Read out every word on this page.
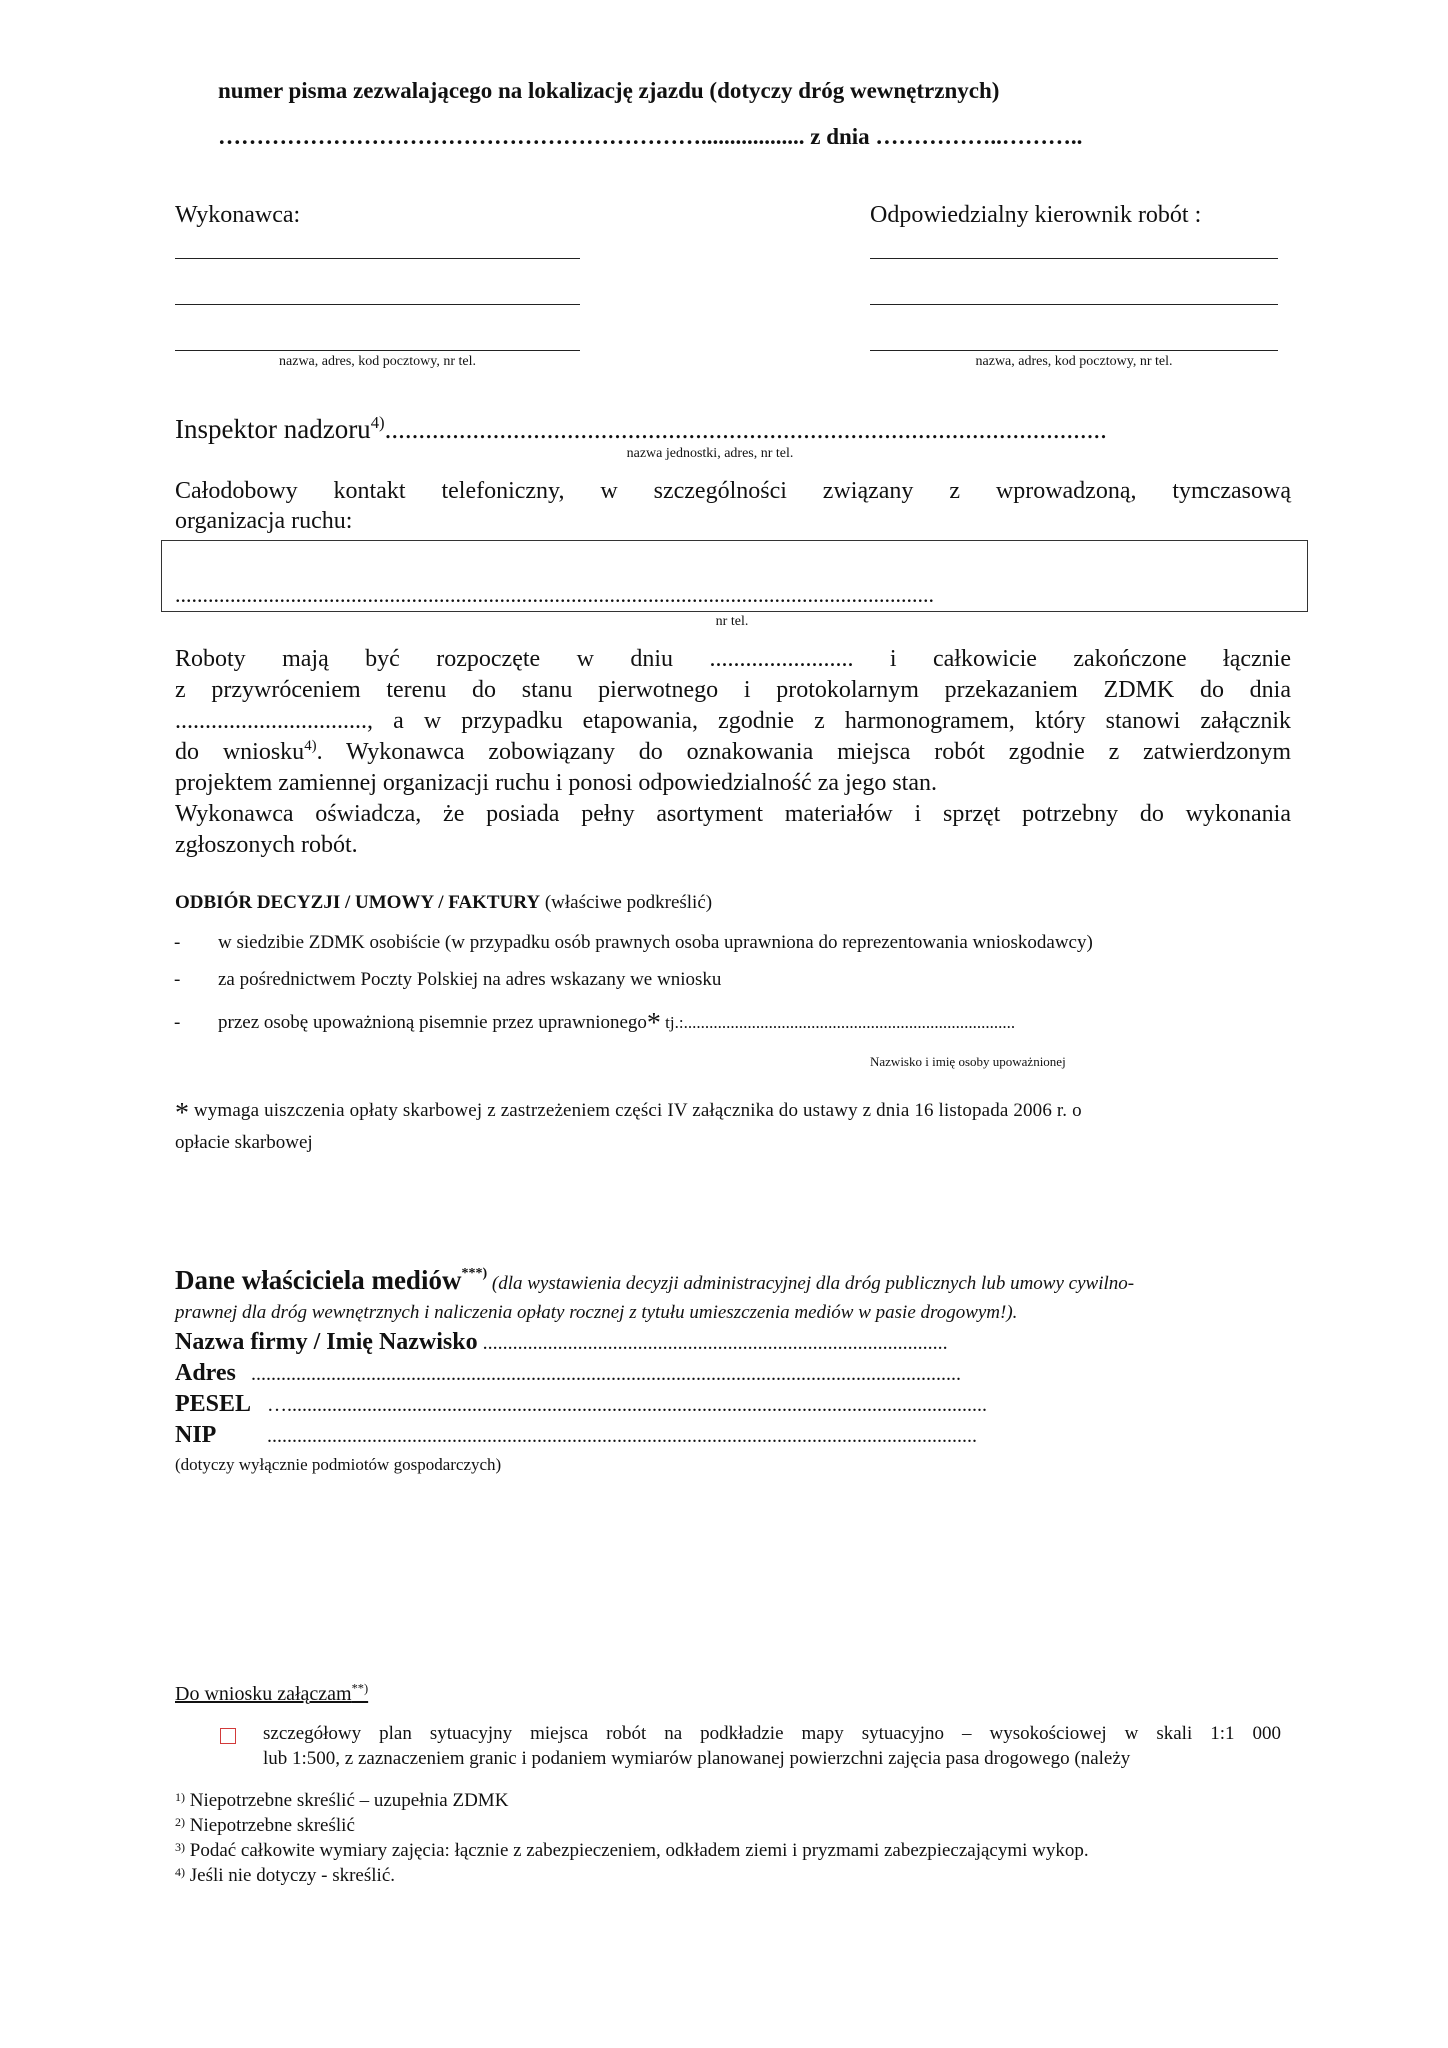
numer pisma zezwalającego na lokalizację zjazdu (dotyczy dróg wewnętrznych)
……………………………………………………….................. z dnia ……………..………..
Wykonawca:
nazwa, adres, kod pocztowy, nr tel.
Odpowiedzialny kierownik robót :
nazwa, adres, kod pocztowy, nr tel.
Inspektor nadzoru$^{4)}$...........................................................................................................
nazwa jednostki, adres, nr tel.
Całodobowy kontakt telefoniczny, w szczególności związany z wprowadzoną, tymczasową
organizacja ruchu:
..........................................................................................................................................
nr tel.
Roboty mają być rozpoczęte w dniu ........................ i całkowicie zakończone łącznie
z przywróceniem terenu do stanu pierwotnego i protokolarnym przekazaniem ZDMK do dnia
................................, a w przypadku etapowania, zgodnie z harmonogramem, który stanowi załącznik
do wniosku$^{4)}$. Wykonawca zobowiązany do oznakowania miejsca robót zgodnie z zatwierdzonym
projektem zamiennej organizacji ruchu i ponosi odpowiedzialność za jego stan.
Wykonawca oświadcza, że posiada pełny asortyment materiałów i sprzęt potrzebny do wykonania
zgłoszonych robót.
ODBIÓR DECYZJI / UMOWY / FAKTURY (właściwe podkreślić)
- w siedzibie ZDMK osobiście (w przypadku osób prawnych osoba uprawniona do reprezentowania wnioskodawcy)
- za pośrednictwem Poczty Polskiej na adres wskazany we wniosku
- przez osobę upoważnioną pisemnie przez uprawnionego* tj.:..............................................................................
Nazwisko i imię osoby upoważnionej
* wymaga uiszczenia opłaty skarbowej z zastrzeżeniem części IV załącznika do ustawy z dnia 16 listopada 2006 r. o
opłacie skarbowej
Dane właściciela mediów***) (dla wystawienia decyzji administracyjnej dla dróg publicznych lub umowy cywilno-
prawnej dla dróg wewnętrznych i naliczenia opłaty rocznej z tytułu umieszczenia mediów w pasie drogowym!).
Nazwa firmy / Imię Nazwisko .............................................................................................
Adres ..............................................................................................................................................
PESEL …............................................................................................................................................
NIP	..............................................................................................................................................
(dotyczy wyłącznie podmiotów gospodarczych)
Do wniosku załączam**)
szczegółowy plan sytuacyjny miejsca robót na podkładzie mapy sytuacyjno – wysokościowej w skali 1:1 000
lub 1:500, z zaznaczeniem granic i podaniem wymiarów planowanej powierzchni zajęcia pasa drogowego (należy
$^{1)}$ Niepotrzebne skreślić – uzupełnia ZDMK
$^{2)}$ Niepotrzebne skreślić
$^{3)}$ Podać całkowite wymiary zajęcia: łącznie z zabezpieczeniem, odkładem ziemi i pryzmami zabezpieczającymi wykop.
$^{4)}$ Jeśli nie dotyczy - skreślić.
